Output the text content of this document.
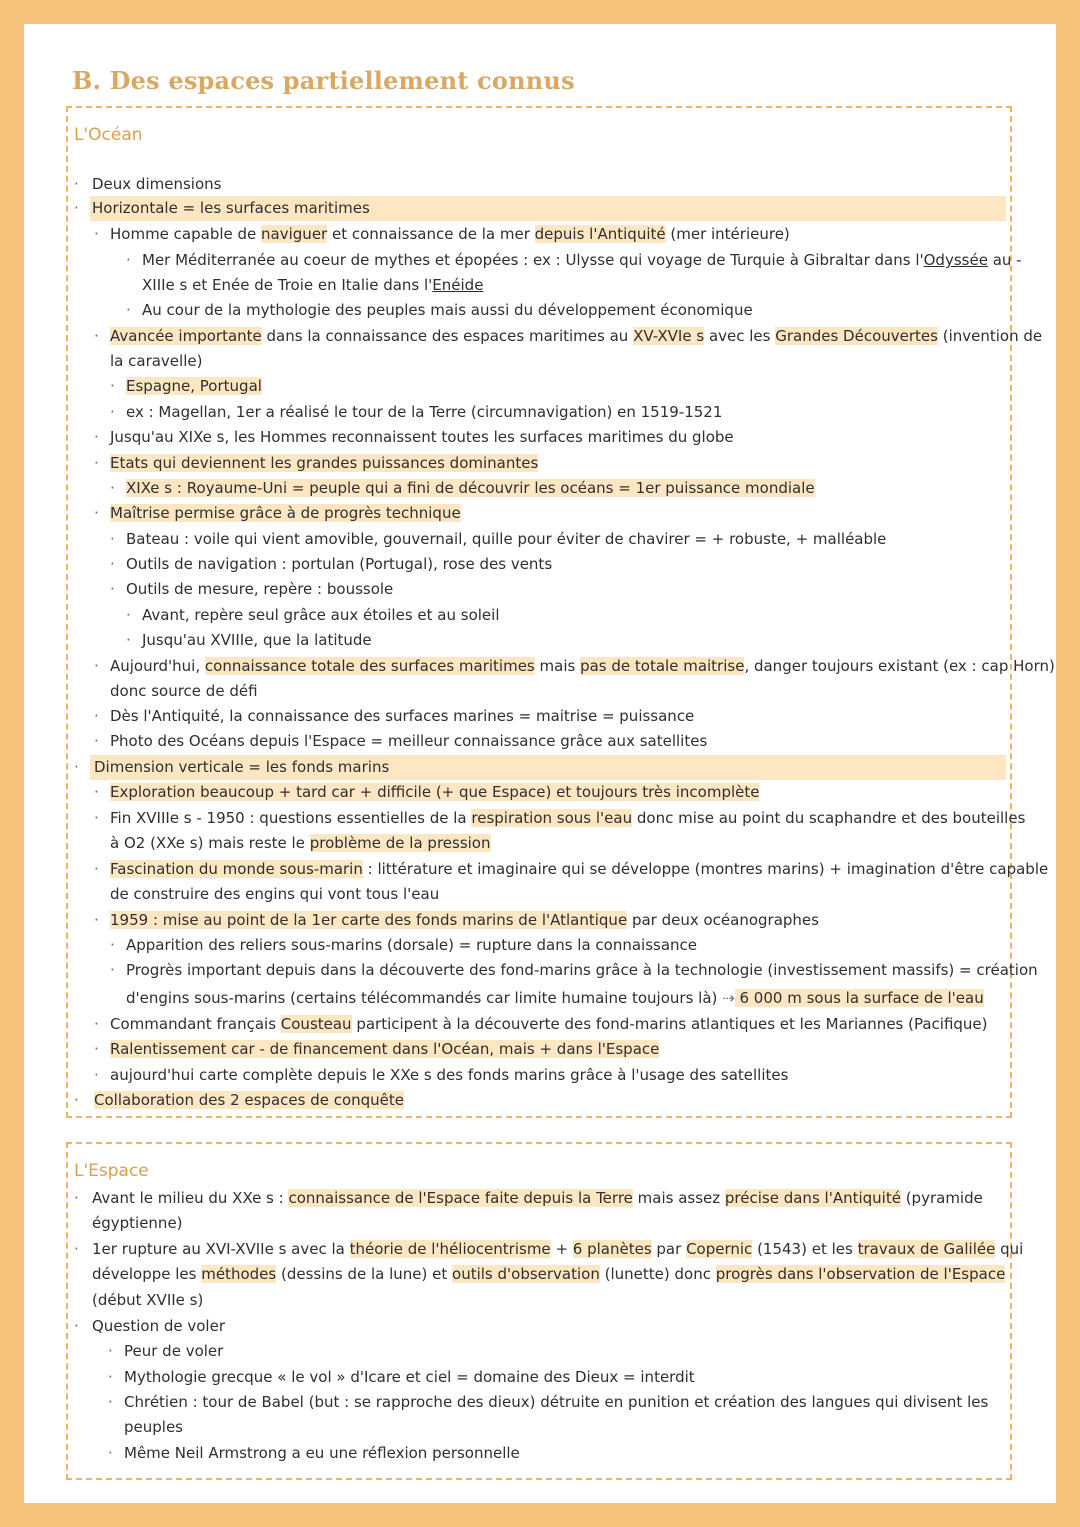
B. Des espaces partiellement connus
L'Océan
·
·
·
·
·
·
·
·
·
·
·
·
·
·
·
·
·
·
·
·
·
·
·
·
·
·
·
·
·
·
·
Deux dimensions
Horizontale = les surfaces maritimes
Homme capable de naviguer et connaissance de la mer depuis l'Antiquité (mer intérieure)
Mer Méditerranée au coeur de mythes et épopées : ex : Ulysse qui voyage de Turquie à Gibraltar dans l'Odyssée au -
XIIIe s et Enée de Troie en Italie dans l'Enéide
Au cour de la mythologie des peuples mais aussi du développement économique
Avancée importante dans la connaissance des espaces maritimes au XV-XVIe s avec les Grandes Découvertes (invention de
la caravelle)
Espagne, Portugal
ex : Magellan, 1er a réalisé le tour de la Terre (circumnavigation) en 1519-1521
Jusqu'au XIXe s, les Hommes reconnaissent toutes les surfaces maritimes du globe
Etats qui deviennent les grandes puissances dominantes
XIXe s : Royaume-Uni = peuple qui a fini de découvrir les océans = 1er puissance mondiale
Maîtrise permise grâce à de progrès technique
Bateau : voile qui vient amovible, gouvernail, quille pour éviter de chavirer = + robuste, + malléable
Outils de navigation : portulan (Portugal), rose des vents
Outils de mesure, repère : boussole
Avant, repère seul grâce aux étoiles et au soleil
Jusqu'au XVIIIe, que la latitude
Aujourd'hui, connaissance totale des surfaces maritimes mais pas de totale maitrise, danger toujours existant (ex : cap Horn)
donc source de défi
Dès l'Antiquité, la connaissance des surfaces marines = maitrise = puissance
Photo des Océans depuis l'Espace = meilleur connaissance grâce aux satellites
Dimension verticale = les fonds marins
Exploration beaucoup + tard car + difficile (+ que Espace) et toujours très incomplète
Fin XVIIIe s - 1950 : questions essentielles de la respiration sous l'eau donc mise au point du scaphandre et des bouteilles
à O2 (XXe s) mais reste le problème de la pression
Fascination du monde sous-marin : littérature et imaginaire qui se développe (montres marins) + imagination d'être capable
de construire des engins qui vont tous l'eau
1959 : mise au point de la 1er carte des fonds marins de l'Atlantique par deux océanographes
Apparition des reliers sous-marins (dorsale) = rupture dans la connaissance
Progrès important depuis dans la découverte des fond-marins grâce à la technologie (investissement massifs) = création
d'engins sous-marins (certains télécommandés car limite humaine toujours là) ⇢ 6 000 m sous la surface de l'eau
Commandant français Cousteau participent à la découverte des fond-marins atlantiques et les Mariannes (Pacifique)
Ralentissement car - de financement dans l'Océan, mais + dans l'Espace
aujourd'hui carte complète depuis le XXe s des fonds marins grâce à l'usage des satellites
Collaboration des 2 espaces de conquête
L'Espace
·
·
·
·
·
·
·
Avant le milieu du XXe s : connaissance de l'Espace faite depuis la Terre mais assez précise dans l'Antiquité (pyramide
égyptienne)
1er rupture au XVI-XVIIe s avec la théorie de l'héliocentrisme + 6 planètes par Copernic (1543) et les travaux de Galilée qui
développe les méthodes (dessins de la lune) et outils d'observation (lunette) donc progrès dans l'observation de l'Espace
(début XVIIe s)
Question de voler
Peur de voler
Mythologie grecque « le vol » d'Icare et ciel = domaine des Dieux = interdit
Chrétien : tour de Babel (but : se rapproche des dieux) détruite en punition et création des langues qui divisent les
peuples
Même Neil Armstrong a eu une réflexion personnelle
